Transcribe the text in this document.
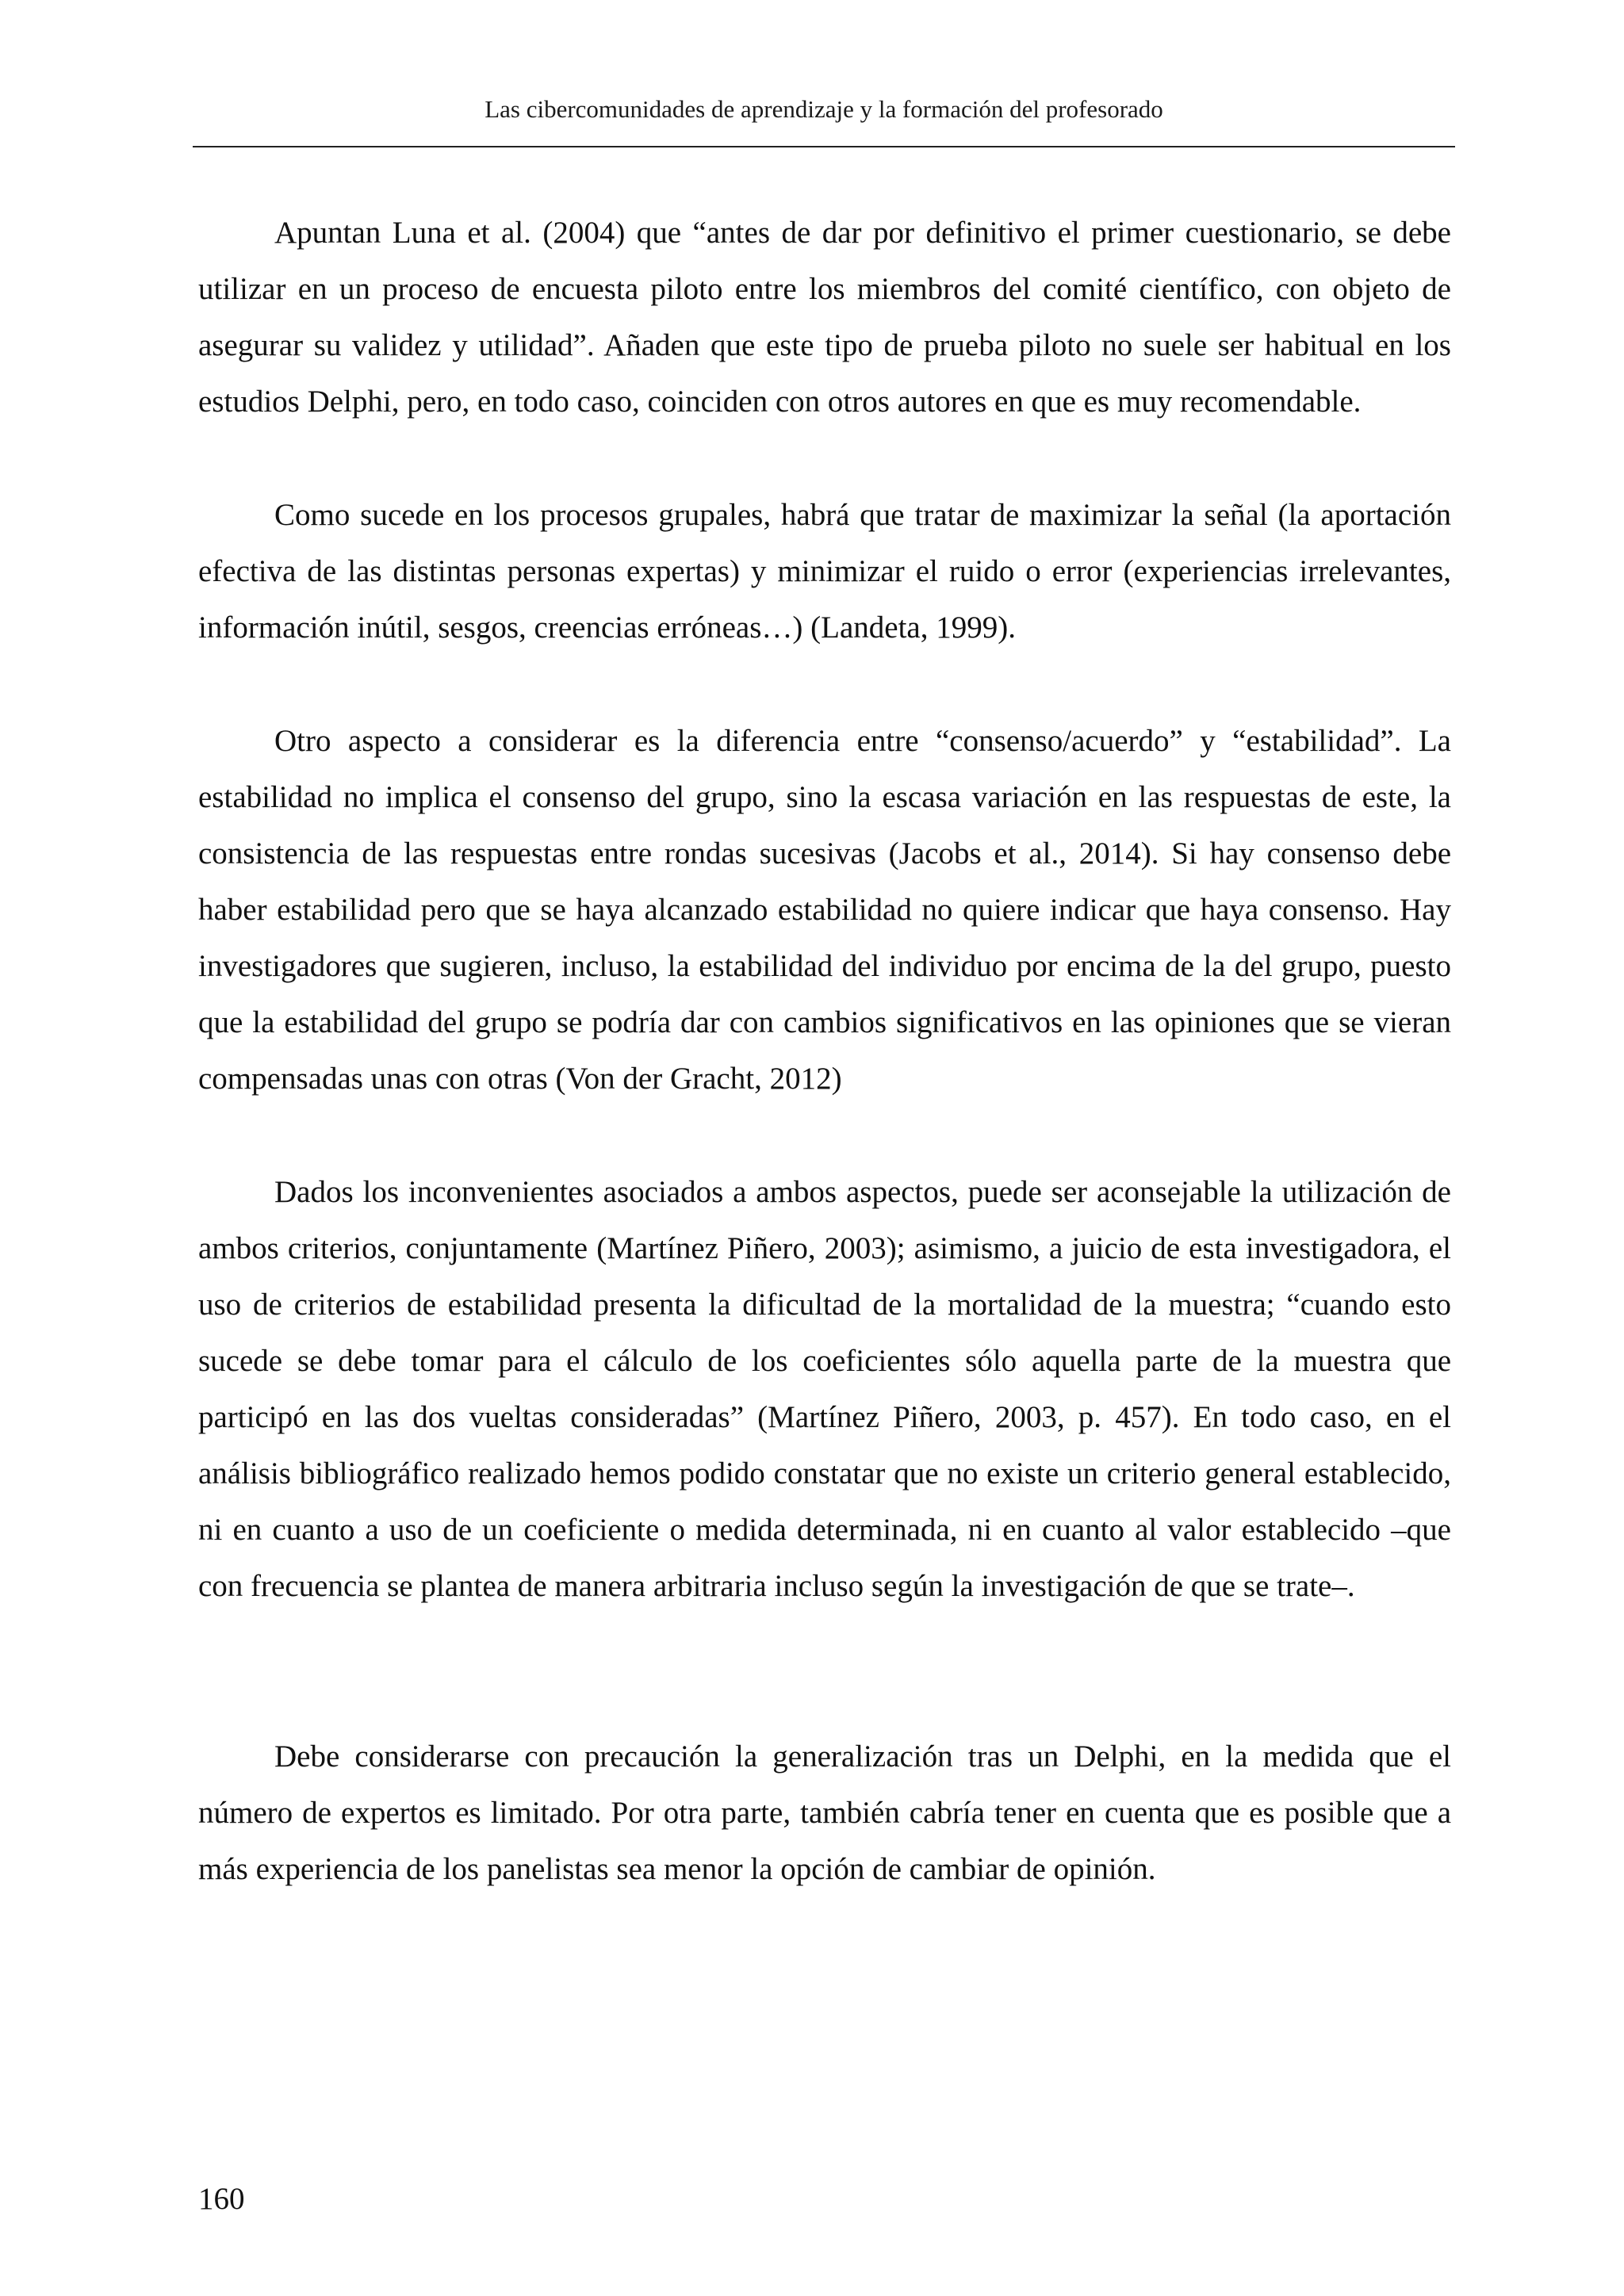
Las cibercomunidades de aprendizaje y la formación del profesorado

Apuntan Luna et al. (2004) que “antes de dar por definitivo el primer cuestionario, se debe utilizar en un proceso de encuesta piloto entre los miembros del comité científico, con objeto de asegurar su validez y utilidad”. Añaden que este tipo de prueba piloto no suele ser habitual en los estudios Delphi, pero, en todo caso, coinciden con otros autores en que es muy recomendable.

Como sucede en los procesos grupales, habrá que tratar de maximizar la señal (la aportación efectiva de las distintas personas expertas) y minimizar el ruido o error (experiencias irrelevantes, información inútil, sesgos, creencias erróneas…) (Landeta, 1999).

Otro aspecto a considerar es la diferencia entre “consenso/acuerdo” y “estabilidad”. La estabilidad no implica el consenso del grupo, sino la escasa variación en las respuestas de este, la consistencia de las respuestas entre rondas sucesivas (Jacobs et al., 2014). Si hay consenso debe haber estabilidad pero que se haya alcanzado estabilidad no quiere indicar que haya consenso. Hay investigadores que sugieren, incluso, la estabilidad del individuo por encima de la del grupo, puesto que la estabilidad del grupo se podría dar con cambios significativos en las opiniones que se vieran compensadas unas con otras (Von der Gracht, 2012)

Dados los inconvenientes asociados a ambos aspectos, puede ser aconsejable la utilización de ambos criterios, conjuntamente (Martínez Piñero, 2003); asimismo, a juicio de esta investigadora, el uso de criterios de estabilidad presenta la dificultad de la mortalidad de la muestra; “cuando esto sucede se debe tomar para el cálculo de los coeficientes sólo aquella parte de la muestra que participó en las dos vueltas consideradas” (Martínez Piñero, 2003, p. 457). En todo caso, en el análisis bibliográfico realizado hemos podido constatar que no existe un criterio general establecido, ni en cuanto a uso de un coeficiente o medida determinada, ni en cuanto al valor establecido –que con frecuencia se plantea de manera arbitraria incluso según la investigación de que se trate–.

Debe considerarse con precaución la generalización tras un Delphi, en la medida que el número de expertos es limitado. Por otra parte, también cabría tener en cuenta que es posible que a más experiencia de los panelistas sea menor la opción de cambiar de opinión.

160
